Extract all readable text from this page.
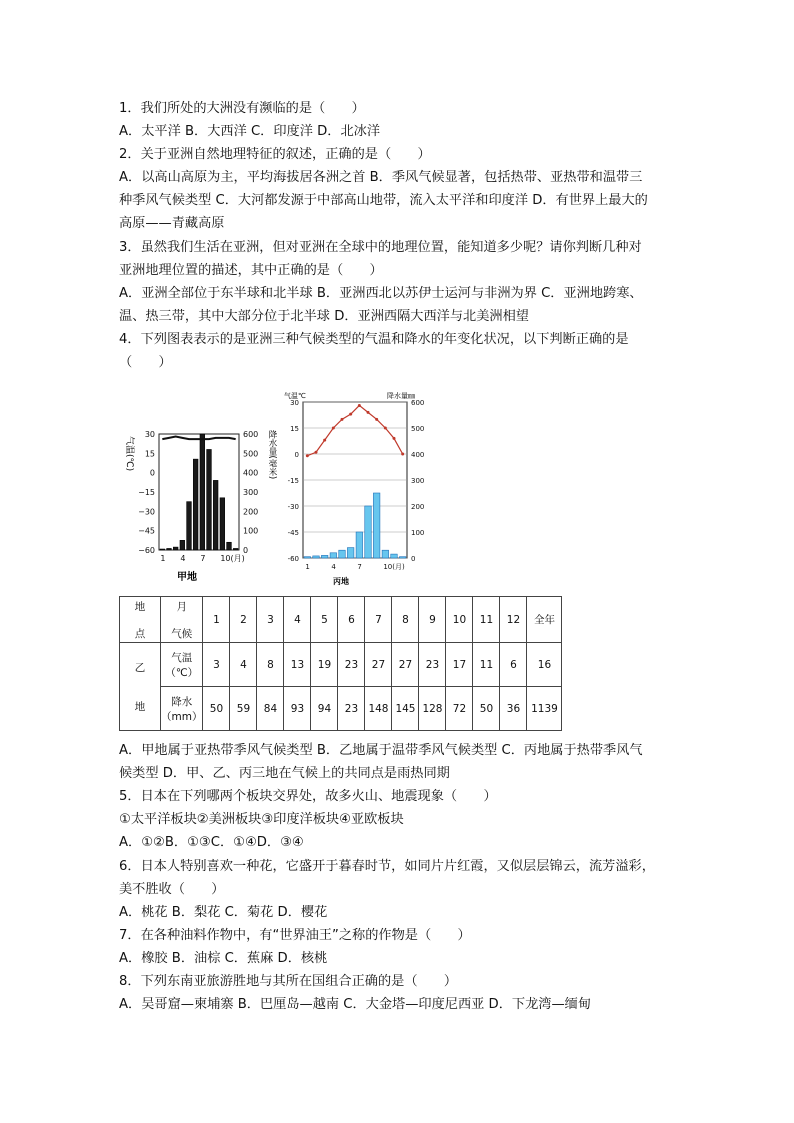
1．我们所处的大洲没有濒临的是（　　）
A．太平洋 B．大西洋 C．印度洋 D．北冰洋
2．关于亚洲自然地理特征的叙述，正确的是（　　）
A．以高山高原为主，平均海拔居各洲之首 B．季风气候显著，包括热带、亚热带和温带三
种季风气候类型 C．大河都发源于中部高山地带，流入太平洋和印度洋 D．有世界上最大的
高原——青藏高原
3．虽然我们生活在亚洲，但对亚洲在全球中的地理位置，能知道多少呢？请你判断几种对
亚洲地理位置的描述，其中正确的是（　　）
A．亚洲全部位于东半球和北半球 B．亚洲西北以苏伊士运河与非洲为界 C．亚洲地跨寒、
温、热三带，其中大部分位于北半球 D．亚洲西隔大西洋与北美洲相望
4．下列图表表示的是亚洲三种气候类型的气温和降水的年变化状况，以下判断正确的是
（　　）
气温(℃)	降水量(毫米)
甲地
30
15
0
−15
−30
−45
−60
600
500
400
300
200
100
0
1 4 7 10(月)
气温℃	降水量㎜
丙地
30
15
0
-15
-30
-45
-60
600
500
400
300
200
100
0
1	4	7	10(月)
地

点	月

气候	1	2	3	4	5	6	7	8	9	10	11	12	全年
乙

地	气温
（℃）	3	4	8	13	19	23	27	27	23	17	11	6	16
	降水
（mm）	50	59	84	93	94	23	148	145	128	72	50	36	1139
A．甲地属于亚热带季风气候类型 B．乙地属于温带季风气候类型 C．丙地属于热带季风气
候类型 D．甲、乙、丙三地在气候上的共同点是雨热同期
5．日本在下列哪两个板块交界处，故多火山、地震现象（　　）
①太平洋板块②美洲板块③印度洋板块④亚欧板块
A．①②B．①③C．①④D．③④
6．日本人特别喜欢一种花，它盛开于暮春时节，如同片片红霞，又似层层锦云，流芳溢彩，
美不胜收（　　）
A．桃花 B．梨花 C．菊花 D．樱花
7．在各种油料作物中，有“世界油王”之称的作物是（　　）
A．橡胶 B．油棕 C．蕉麻 D．核桃
8．下列东南亚旅游胜地与其所在国组合正确的是（　　）
A．吴哥窟—柬埔寨 B．巴厘岛—越南 C．大金塔—印度尼西亚 D．下龙湾—缅甸
